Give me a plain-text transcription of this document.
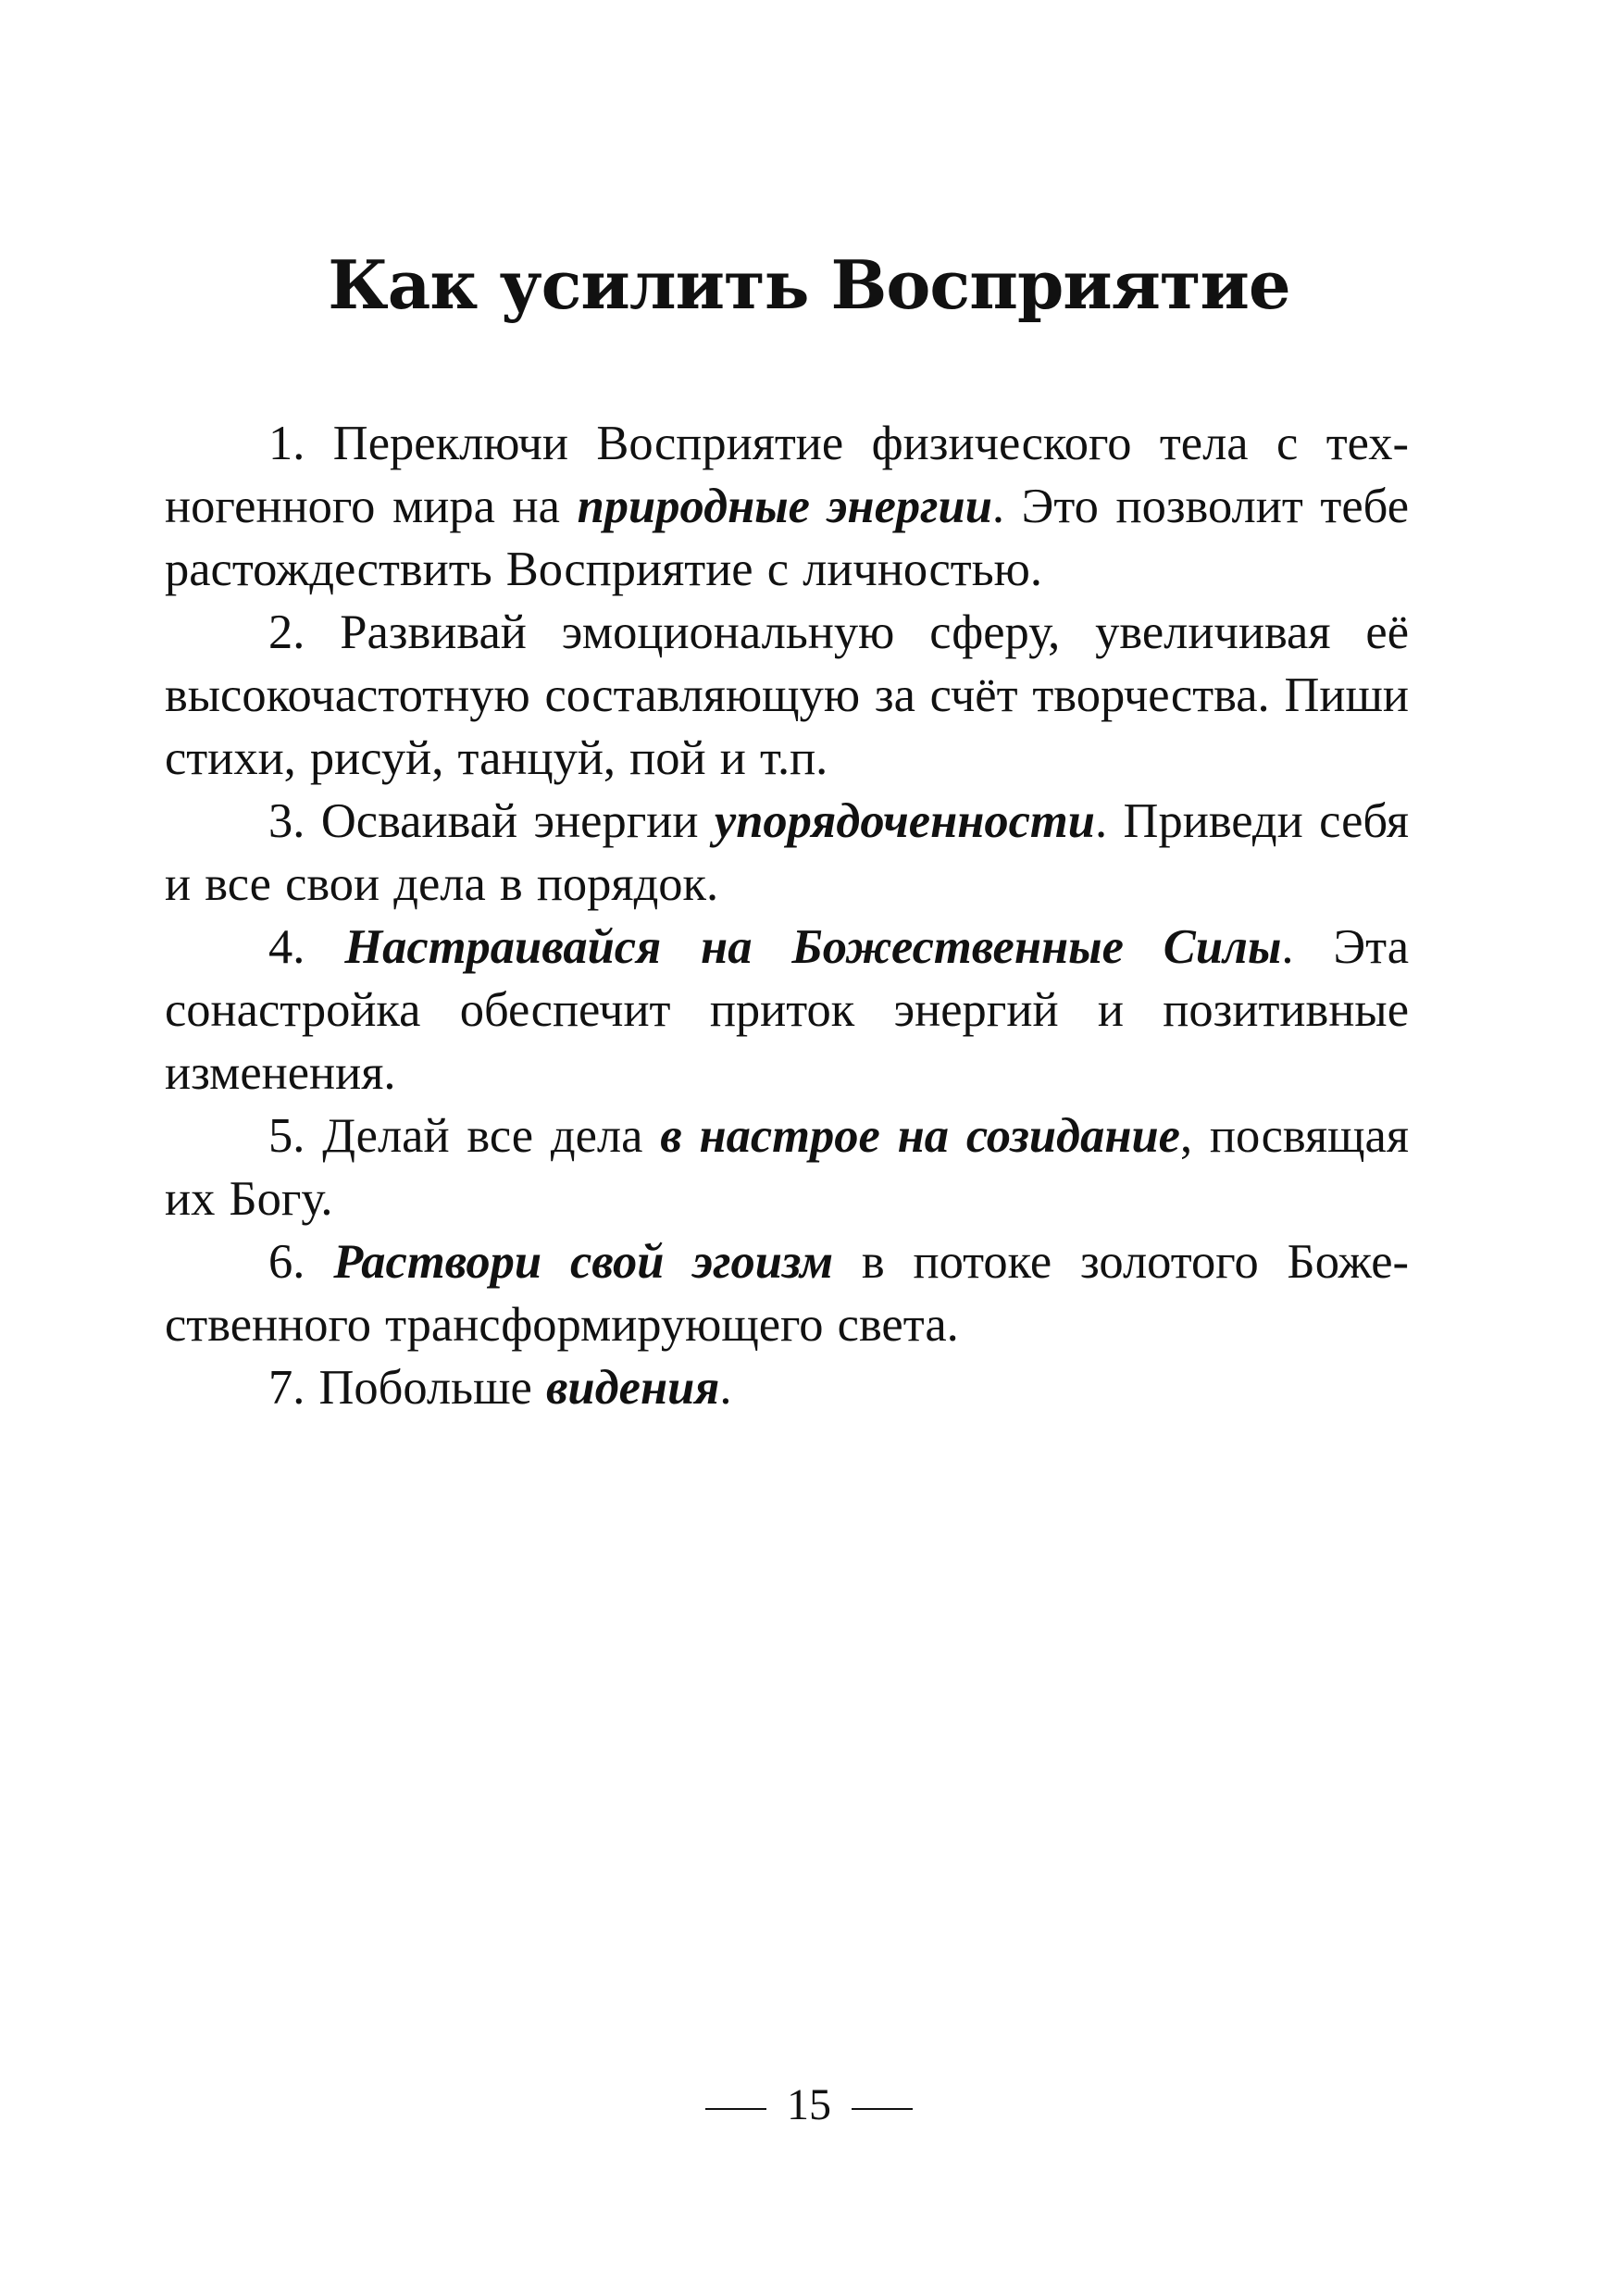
Как усилить Восприятие

1. Переключи Восприятие физического тела с техногенного мира на природные энергии. Это позволит тебе растождествить Восприятие с личностью.

2. Развивай эмоциональную сферу, увеличивая её высокочастотную составляющую за счёт творчества. Пиши стихи, рисуй, танцуй, пой и т.п.

3. Осваивай энергии упорядоченности. Приведи себя и все свои дела в порядок.

4. Настраивайся на Божественные Силы. Эта сонастройка обеспечит приток энергий и позитивные изменения.

5. Делай все дела в настрое на созидание, посвящая их Богу.

6. Раствори свой эгоизм в потоке золотого Божественного трансформирующего света.

7. Побольше видения.

15
